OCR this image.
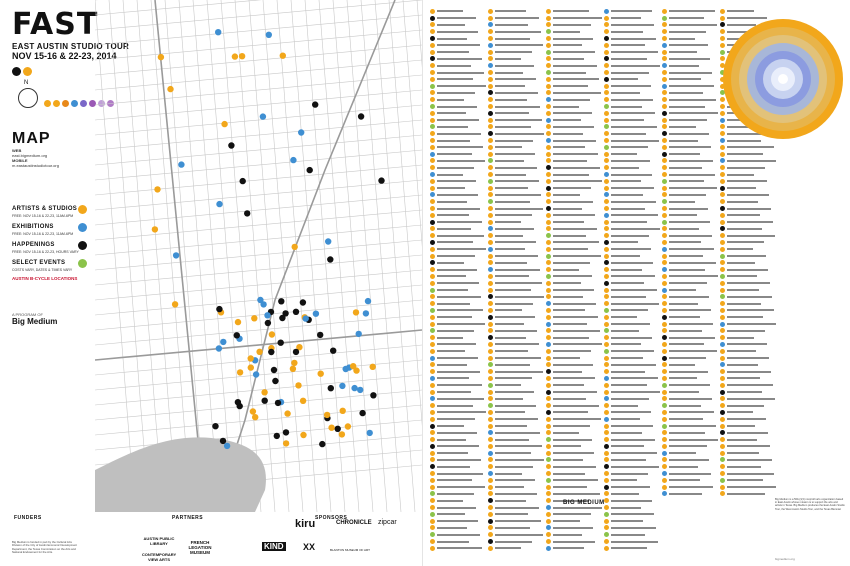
FAST
EAST AUSTIN STUDIO TOUR
NOV 15-16 & 22-23, 2014
N
MAP
WEB
east.bigmedium.org
MOBILE
m.eastaustinstudiotour.org
ARTISTS & STUDIOS
FREE: NOV 15-16 & 22-23, 11AM-6PM
EXHIBITIONS
FREE: NOV 15-16 & 22-23, 11AM-6PM
HAPPENINGS
FREE: NOV 15-16 & 22-23, HOURS VARY
SELECT EVENTS
COSTS VARY, DATES & TIMES VARY
AUSTIN B-CYCLE LOCATIONS
A PROGRAM OF
Big Medium
FUNDERS	PARTNERS	SPONSORS
Big Medium is funded in part by the Cultural Arts Division of the City of Austin Economic Development Department, the Texas Commission on the Arts and National Endowment for the Arts.
AUSTIN PUBLIC LIBRARY
CONTEMPORARY VIEW ARTS
FRENCH LEGATION MUSEUM
kiru	CHRONICLE zipcar
KIND XX	BLANTON MUSEUM OF ART
BIG MEDIUM
Big Medium is a 501(c)(3) nonprofit arts organization based in East Austin whose mission is to support the arts and artists in Texas. Big Medium produces the East Austin Studio Tour, the West Austin Studio Tour, and the Texas Biennial.
bigmedium.org
